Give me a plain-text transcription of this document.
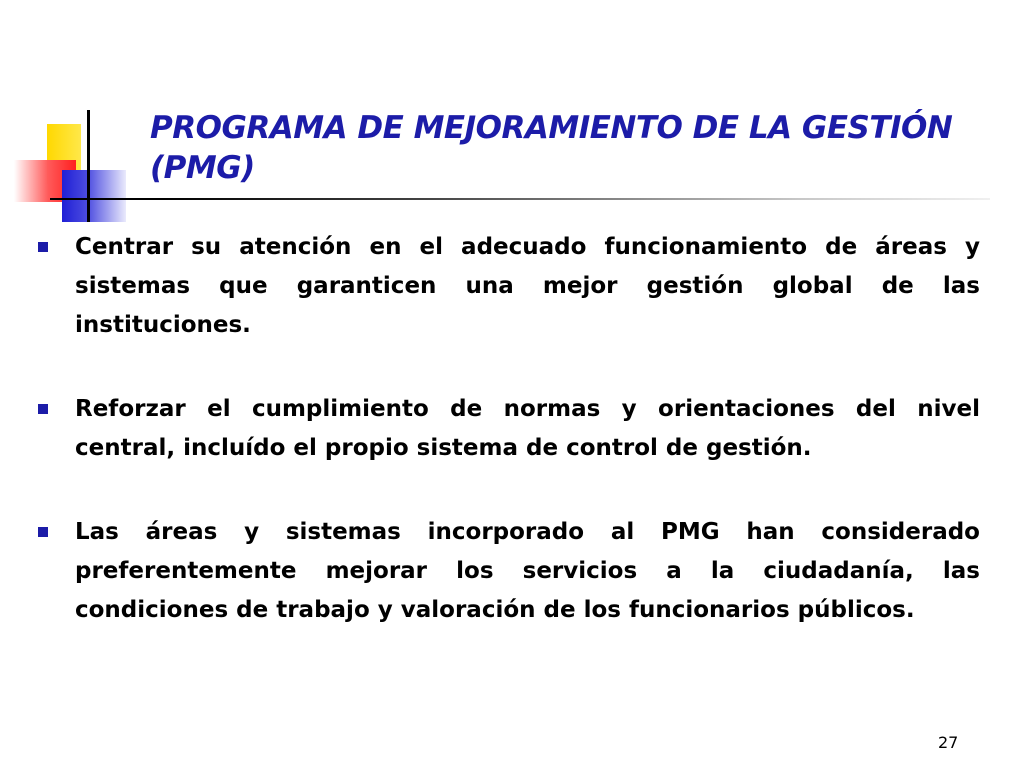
PROGRAMA DE MEJORAMIENTO DE LA GESTIÓN (PMG)
Centrar su atención en el adecuado funcionamiento de áreas y sistemas que garanticen una mejor gestión global de las instituciones.
Reforzar el cumplimiento de normas y orientaciones del nivel central, incluído el propio sistema de control de gestión.
Las áreas y sistemas incorporado al PMG han considerado preferentemente mejorar los servicios a la ciudadanía, las condiciones de trabajo y valoración de los funcionarios públicos.
27
